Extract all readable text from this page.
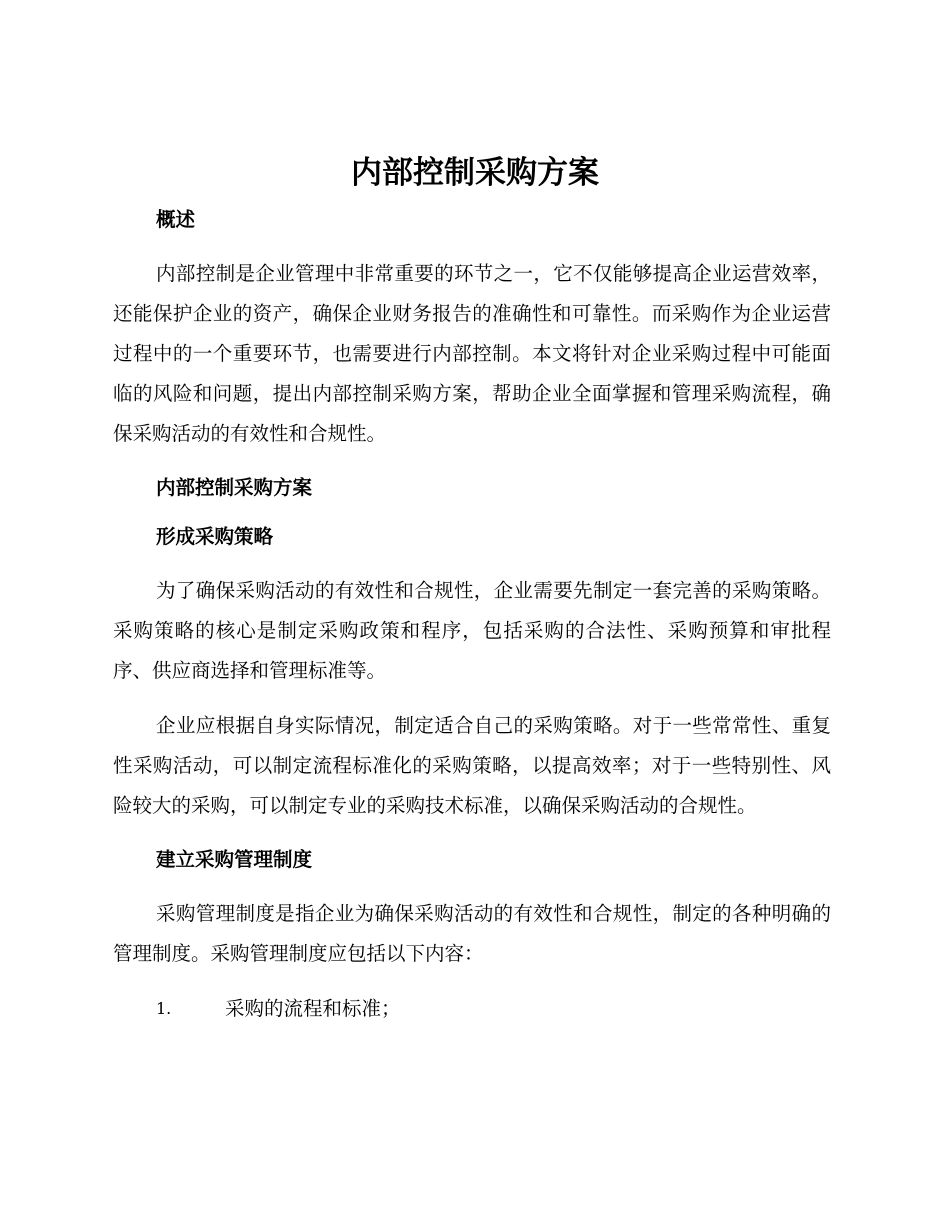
内部控制采购方案

概述

内部控制是企业管理中非常重要的环节之一，它不仅能够提高企业运营效率，还能保护企业的资产，确保企业财务报告的准确性和可靠性。而采购作为企业运营过程中的一个重要环节，也需要进行内部控制。本文将针对企业采购过程中可能面临的风险和问题，提出内部控制采购方案，帮助企业全面掌握和管理采购流程，确保采购活动的有效性和合规性。

内部控制采购方案

形成采购策略

为了确保采购活动的有效性和合规性，企业需要先制定一套完善的采购策略。采购策略的核心是制定采购政策和程序，包括采购的合法性、采购预算和审批程序、供应商选择和管理标准等。

企业应根据自身实际情况，制定适合自己的采购策略。对于一些常常性、重复性采购活动，可以制定流程标准化的采购策略，以提高效率；对于一些特别性、风险较大的采购，可以制定专业的采购技术标准，以确保采购活动的合规性。

建立采购管理制度

采购管理制度是指企业为确保采购活动的有效性和合规性，制定的各种明确的管理制度。采购管理制度应包括以下内容：

1.	采购的流程和标准；
